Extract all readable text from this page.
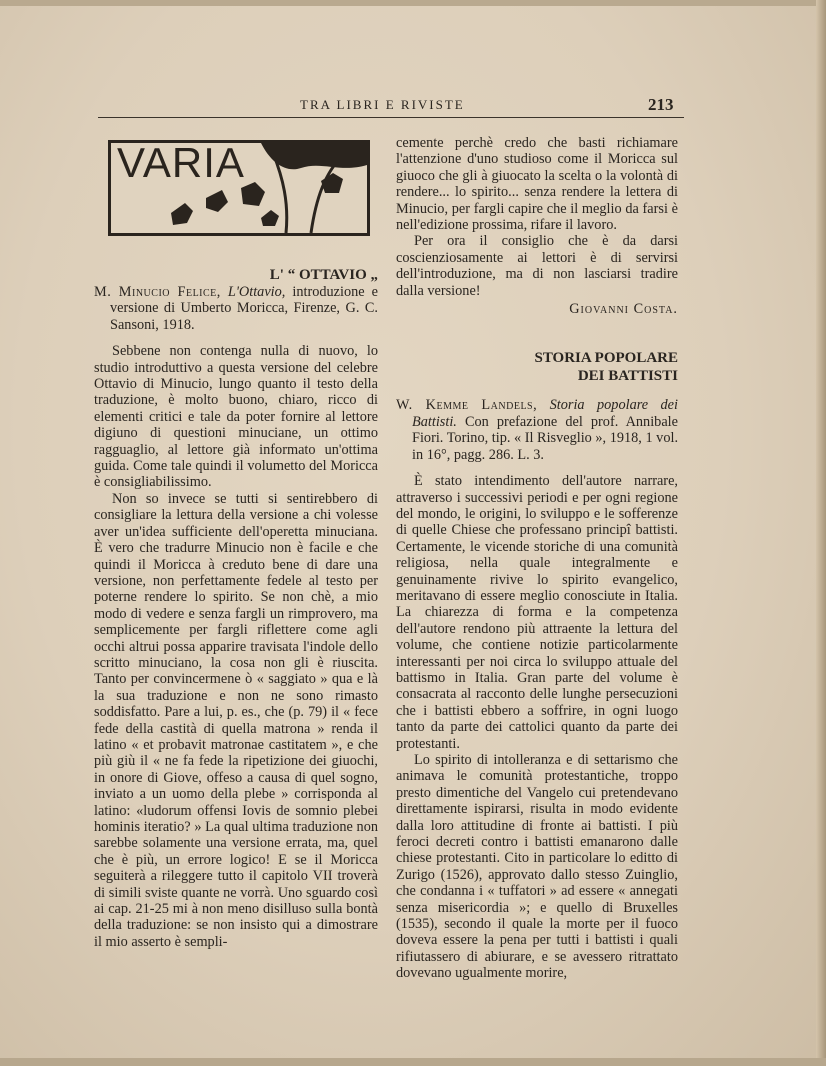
TRA LIBRI E RIVISTE	213
VARIA

L' “ OTTAVIO „

M. Minucio Felice, L'Ottavio, introduzione e versione di Umberto Moricca, Firenze, G. C. Sansoni, 1918.

Sebbene non contenga nulla di nuovo, lo studio introduttivo a questa versione del celebre Ottavio di Minucio, lungo quanto il testo della traduzione, è molto buono, chiaro, ricco di elementi critici e tale da poter fornire al lettore digiuno di questioni minuciane, un ottimo ragguaglio, al lettore già informato un'ottima guida. Come tale quindi il volumetto del Moricca è consigliabilissimo.

Non so invece se tutti si sentirebbero di consigliare la lettura della versione a chi volesse aver un'idea sufficiente dell'operetta minuciana. È vero che tradurre Minucio non è facile e che quindi il Moricca à creduto bene di dare una versione, non perfettamente fedele al testo per poterne rendere lo spirito. Se non chè, a mio modo di vedere e senza fargli un rimprovero, ma semplicemente per fargli riflettere come agli occhi altrui possa apparire travisata l'indole dello scritto minuciano, la cosa non gli è riuscita. Tanto per convincermene ò « saggiato » qua e là la sua traduzione e non ne sono rimasto soddisfatto. Pare a lui, p. es., che (p. 79) il « fece fede della castità di quella matrona » renda il latino « et probavit matronae castitatem », e che più giù il « ne fa fede la ripetizione dei giuochi, in onore di Giove, offeso a causa di quel sogno, inviato a un uomo della plebe » corrisponda al latino: «ludorum offensi Iovis de somnio plebei hominis iteratio? » La qual ultima traduzione non sarebbe solamente una versione errata, ma, quel che è più, un errore logico! E se il Moricca seguiterà a rileggere tutto il capitolo VII troverà di simili sviste quante ne vorrà. Uno sguardo così ai cap. 21-25 mi à non meno disilluso sulla bontà della traduzione: se non insisto qui a dimostrare il mio asserto è sempli-

cemente perchè credo che basti richiamare l'attenzione d'uno studioso come il Moricca sul giuoco che gli à giuocato la scelta o la volontà di rendere... lo spirito... senza rendere la lettera di Minucio, per fargli capire che il meglio da farsi è nell'edizione prossima, rifare il lavoro.

Per ora il consiglio che è da darsi coscienziosamente ai lettori è di servirsi dell'introduzione, ma di non lasciarsi tradire dalla versione!

Giovanni Costa.

STORIA POPOLARE
DEI BATTISTI

W. Kemme Landels, Storia popolare dei Battisti. Con prefazione del prof. Annibale Fiori. Torino, tip. « Il Risveglio », 1918, 1 vol. in 16°, pagg. 286. L. 3.

È stato intendimento dell'autore narrare, attraverso i successivi periodi e per ogni regione del mondo, le origini, lo sviluppo e le sofferenze di quelle Chiese che professano principî battisti. Certamente, le vicende storiche di una comunità religiosa, nella quale integralmente e genuinamente rivive lo spirito evangelico, meritavano di essere meglio conosciute in Italia. La chiarezza di forma e la competenza dell'autore rendono più attraente la lettura del volume, che contiene notizie particolarmente interessanti per noi circa lo sviluppo attuale del battismo in Italia. Gran parte del volume è consacrata al racconto delle lunghe persecuzioni che i battisti ebbero a soffrire, in ogni luogo tanto da parte dei cattolici quanto da parte dei protestanti.

Lo spirito di intolleranza e di settarismo che animava le comunità protestantiche, troppo presto dimentiche del Vangelo cui pretendevano direttamente ispirarsi, risulta in modo evidente dalla loro attitudine di fronte ai battisti. I più feroci decreti contro i battisti emanarono dalle chiese protestanti. Cito in particolare lo editto di Zurigo (1526), approvato dallo stesso Zuinglio, che condanna i « tuffatori » ad essere « annegati senza misericordia »; e quello di Bruxelles (1535), secondo il quale la morte per il fuoco doveva essere la pena per tutti i battisti i quali rifiutassero di abiurare, e se avessero ritrattato dovevano ugualmente morire,
